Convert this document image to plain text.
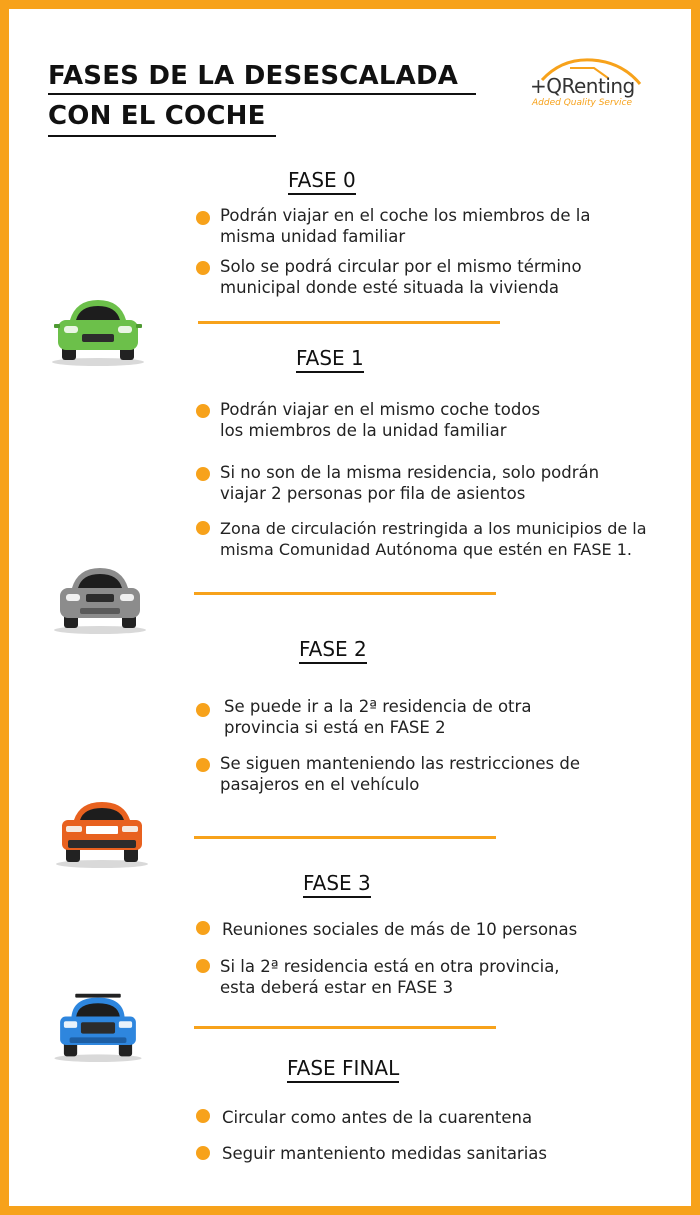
FASES DE LA DESESCALADA
CON EL COCHE
+QRenting
Added Quality Service
FASE 0
Podrán viajar en el coche los miembros de la
misma unidad familiar
Solo se podrá circular por el mismo término
municipal donde esté situada la vivienda
FASE 1
Podrán viajar en el mismo coche todos
los miembros de la unidad familiar
Si no son de la misma residencia, solo podrán
viajar 2 personas por fila de asientos
Zona de circulación restringida a los municipios de la
misma Comunidad Autónoma que estén en FASE 1.
FASE 2
Se puede ir a la 2ª residencia de otra
provincia si está en FASE 2
Se siguen manteniendo las restricciones de
pasajeros en el vehículo
FASE 3
Reuniones sociales de más de 10 personas
Si la 2ª residencia está en otra provincia,
esta deberá estar en FASE 3
FASE FINAL
Circular como antes de la cuarentena
Seguir manteniento medidas sanitarias
